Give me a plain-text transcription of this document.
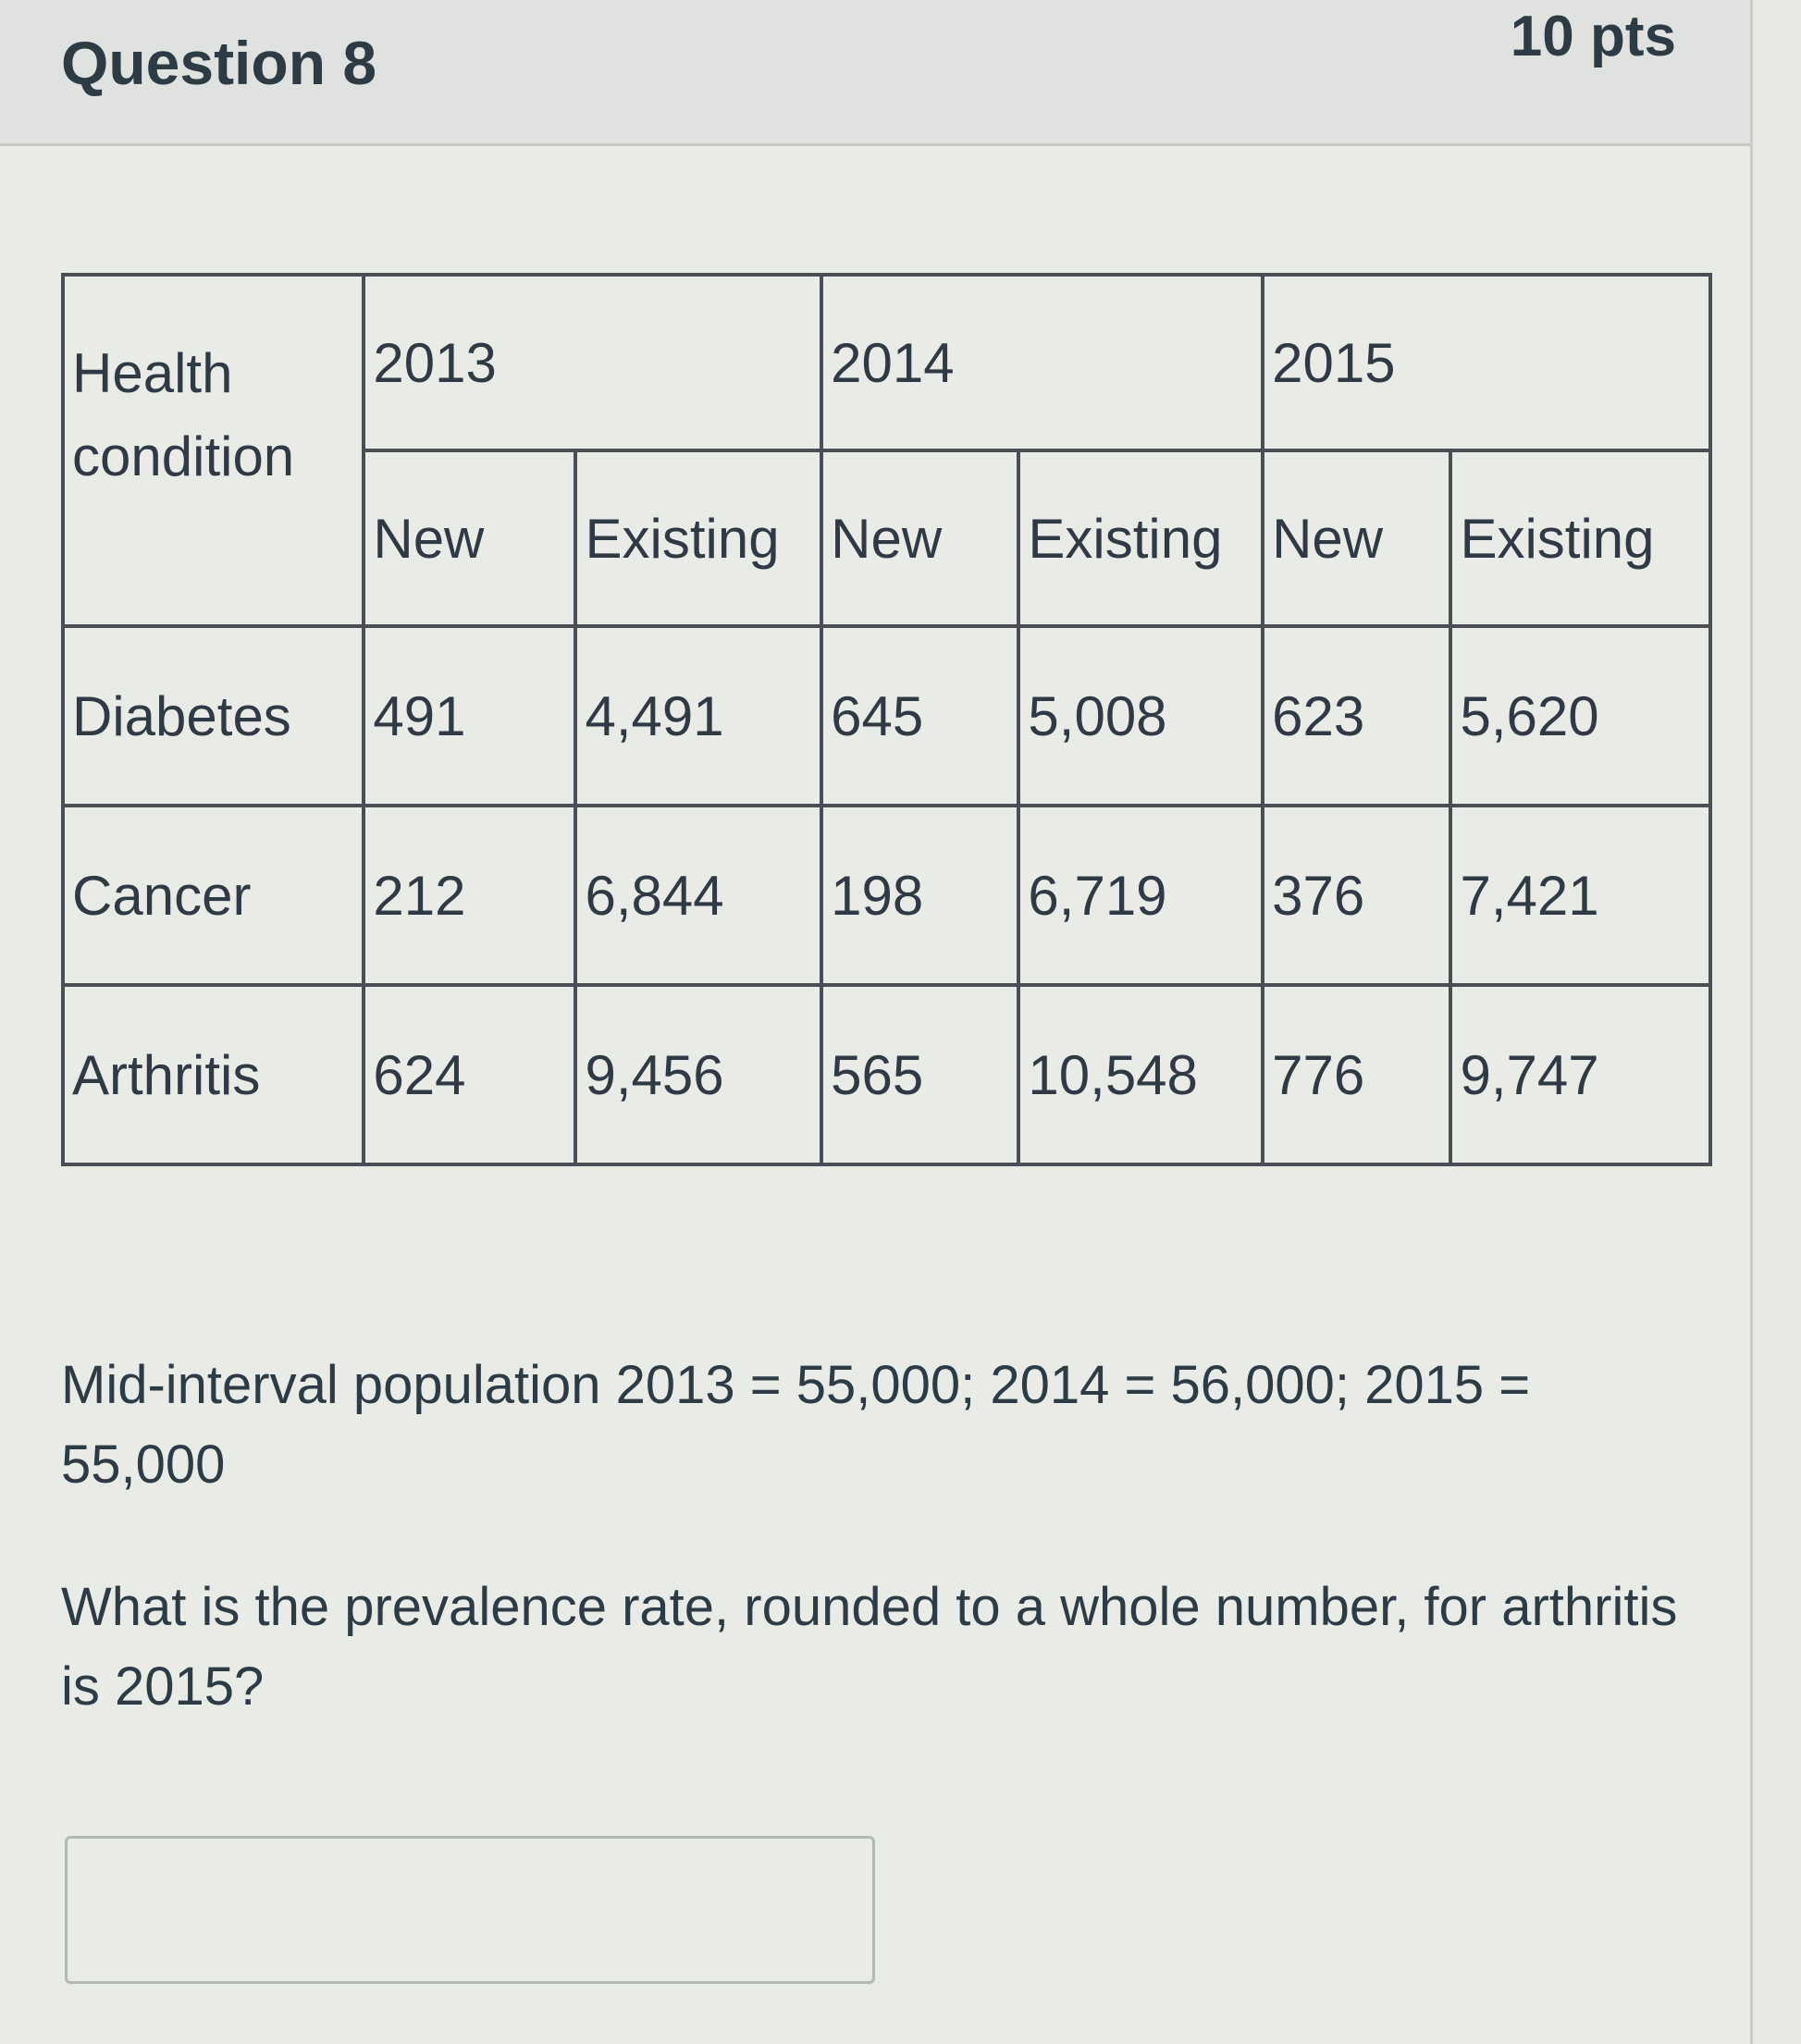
Question 8	10 pts
Health condition	2013		2014		2015	
	New	Existing	New	Existing	New	Existing
Diabetes	491	4,491	645	5,008	623	5,620
Cancer	212	6,844	198	6,719	376	7,421
Arthritis	624	9,456	565	10,548	776	9,747

Mid-interval population 2013 = 55,000; 2014 = 56,000; 2015 = 55,000

What is the prevalence rate, rounded to a whole number, for arthritis is 2015?
